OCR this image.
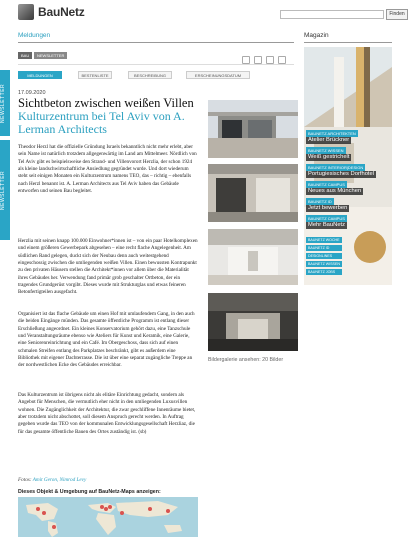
BauNetz	Finden
Meldungen	Magazin
BAU	NEWSLETTER
NEWSLETTER
NEWSLETTER
MELDUNGEN	BESTENLISTE	BESCHREIBUNG	ERSCHEINUNGSDATUM
17.09.2020
Sichtbeton zwischen weißen Villen
Kulturzentrum bei Tel Aviv von A. Lerman Architects
Theodor Herzl hat die offizielle Gründung Israels bekanntlich nicht mehr erlebt, aber sein Name ist natürlich trotzdem allgegenwärtig im Land am Mittelmeer. Nördlich von Tel Aviv gibt es beispielsweise den Strand- und Villenvorort Herzlia, der schon 1924 als kleine landschwirtschaftliche Ansiedlung gegründet wurde. Und dort wiederum steht seit einigen Monaten ein Kulturzentrum namens TEO, das – richtig – ebenfalls nach Herzl benannt ist. A. Lerman Architects aus Tel Aviv haben das Gebäude entworfen und seinen Bau begleitet.
Herzlia mit seinen knapp 100.000 Einwohner*innen ist – von ein paar Hotelkomplexen und einem größeren Gewerbepark abgesehen – eine recht flache Angelegenheit. Am südlichen Rand gelegen, duckt sich der Neubau denn auch weitestgehend eingeschossig zwischen die umliegenden weißen Villen. Einen bewussten Kontrapunkt zu den privaten Häusern stellen die Architekt*innen vor allem über die Materialität ihres Gebäudes her. Verwendung fand primär grob geschalter Ortbeton, der ein tragendes Grundgerüst vorgibt. Dieses wurde mit Strukturglas und etwas feineren Betonfertigteilen ausgefacht.
Organisiert ist das flache Gebäude um einen Hof mit umlaufendem Gang, in den auch die beiden Eingänge münden. Das gesamte öffentliche Programm ist entlang dieser Erschließung angeordnet. Ein kleines Konservatorium gehört dazu, eine Tanzschule und Veranstaltungsräume ebenso wie Ateliers für Kunst und Keramik, eine Galerie, eine Seniorenreinrichtung und ein Café. Im Obergeschoss, dass sich auf einen schmalen Streifen entlang des Parkplatzes beschränkt, gibt es außerdem eine Bibliothek mit eigener Dachterrasse. Die ist über eine separat zugängliche Treppe an der nordwestlichen Ecke des Gebäudes erreichbar.
Das Kulturzentrum ist übrigens nicht als elitäre Einrichtung gedacht, sondern als Angebot für Menschen, die vermutlich eher nicht in den umliegenden Luxusvillen wohnen. Die Zugänglichkeit der Architektur, die zwar geschliffene Innenräume bietet, aber trotzdem nicht abschottet, soll diesem Anspruch gerecht werden. In Auftrag gegeben wurde das TEO von der kommunalen Entwicklungsgesellschaft Herzliaz, die für das gesamte öffentliche Bauen des Ortes zuständig ist. (sb)
Fotos: Amit Geron, Nimrod Levy
Dieses Objekt & Umgebung auf BauNetz-Maps anzeigen:
Bildergalerie ansehen: 20 Bilder
BAUNETZ ARCHITEKTEN
Atelier Brückner
BAUNETZ WISSEN
Weiß gestrichelt
BAUNETZ INTERIOR|DESIGN
Portugiesisches Dorfhotel
BAUNETZ CAMPUS
Neues aus München
BAUNETZ ID
Jetzt bewerben
BAUNETZ CAMPUS
Mehr BauNetz
BAUNETZ WOCHE
BAUNETZ ID
DESIGNLINES
BAUNETZ WISSEN
BAUNETZ JOBS
